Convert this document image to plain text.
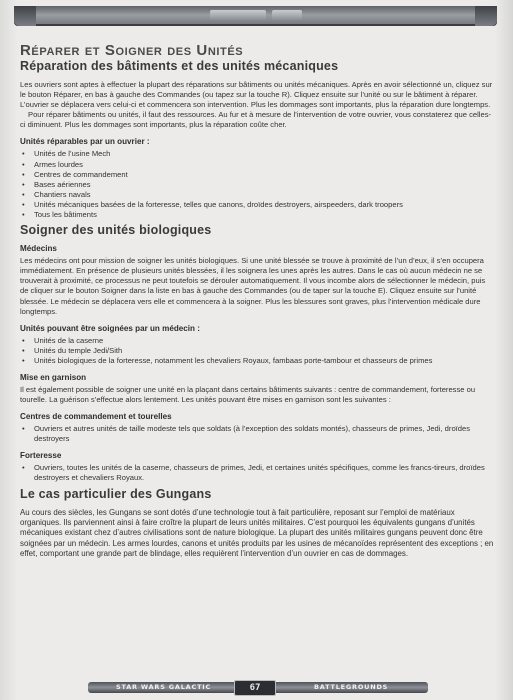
Réparer et Soigner des Unités
Réparation des bâtiments et des unités mécaniques

Les ouvriers sont aptes à effectuer la plupart des réparations sur bâtiments ou unités mécaniques. Après en avoir sélectionné un, cliquez sur le bouton Réparer, en bas à gauche des Commandes (ou tapez sur la touche R). Cliquez ensuite sur l’unité ou sur le bâtiment à réparer. L’ouvrier se déplacera vers celui-ci et commencera son intervention. Plus les dommages sont importants, plus la réparation dure longtemps.

Pour réparer bâtiments ou unités, il faut des ressources. Au fur et à mesure de l’intervention de votre ouvrier, vous constaterez que celles-ci diminuent. Plus les dommages sont importants, plus la réparation coûte cher.

Unités réparables par un ouvrier :
• Unités de l’usine Mech
• Armes lourdes
• Centres de commandement
• Bases aériennes
• Chantiers navals
• Unités mécaniques basées de la forteresse, telles que canons, droïdes destroyers, airspeeders, dark troopers
• Tous les bâtiments
Soigner des unités biologiques
Médecins

Les médecins ont pour mission de soigner les unités biologiques. Si une unité blessée se trouve à proximité de l’un d’eux, il s’en occupera immédiatement. En présence de plusieurs unités blessées, il les soignera les unes après les autres. Dans le cas où aucun médecin ne se trouverait à proximité, ce processus ne peut toutefois se dérouler automatiquement. Il vous incombe alors de sélectionner le médecin, puis de cliquer sur le bouton Soigner dans la liste en bas à gauche des Commandes (ou de taper sur la touche E). Cliquez ensuite sur l’unité blessée. Le médecin se déplacera vers elle et commencera à la soigner. Plus les blessures sont graves, plus l’intervention médicale dure longtemps.

Unités pouvant être soignées par un médecin :
• Unités de la caserne
• Unités du temple Jedi/Sith
• Unités biologiques de la forteresse, notamment les chevaliers Royaux, fambaas porte-tambour et chasseurs de primes
Mise en garnison

Il est également possible de soigner une unité en la plaçant dans certains bâtiments suivants : centre de commandement, forteresse ou tourelle. La guérison s’effectue alors lentement. Les unités pouvant être mises en garnison sont les suivantes :

Centres de commandement et tourelles
• Ouvriers et autres unités de taille modeste tels que soldats (à l’exception des soldats montés), chasseurs de primes, Jedi, droïdes destroyers
Forteresse
• Ouvriers, toutes les unités de la caserne, chasseurs de primes, Jedi, et certaines unités spécifiques, comme les francs-tireurs, droïdes destroyers et chevaliers Royaux.
Le cas particulier des Gungans

Au cours des siècles, les Gungans se sont dotés d’une technologie tout à fait particulière, reposant sur l’emploi de matériaux organiques. Ils parviennent ainsi à faire croître la plupart de leurs unités militaires. C’est pourquoi les équivalents gungans d’unités mécaniques existant chez d’autres civilisations sont de nature biologique. La plupart des unités militaires gungans peuvent donc être soignées par un médecin. Les armes lourdes, canons et unités produits par les usines de mécanoïdes représentent des exceptions ; en effet, comportant une grande part de blindage, elles requièrent l’intervention d’un ouvrier en cas de dommages.

STAR WARS GALACTIC	67	BATTLEGROUNDS
